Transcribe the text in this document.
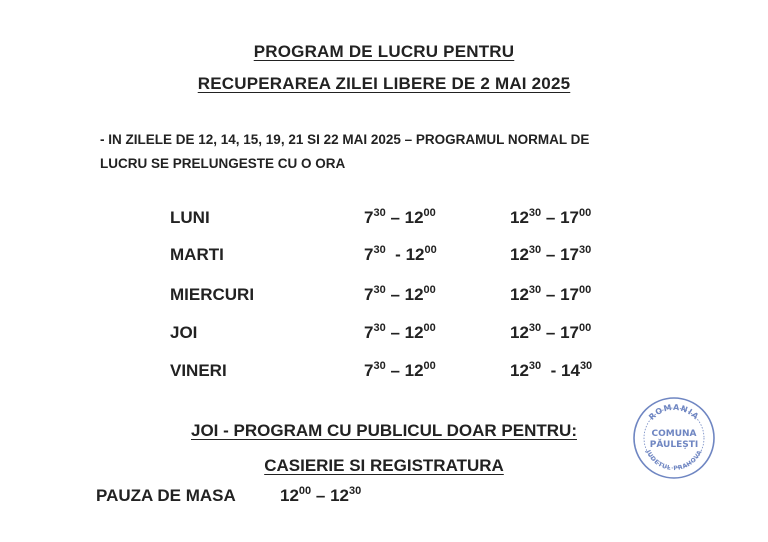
PROGRAM DE LUCRU PENTRU
RECUPERAREA ZILEI LIBERE DE 2 MAI 2025
- IN ZILELE DE 12, 14, 15, 19, 21 SI 22 MAI 2025 – PROGRAMUL NORMAL DE
LUCRU SE PRELUNGESTE CU O ORA
LUNI	$7^{30} - 12^{00}$	$12^{30} - 17^{00}$
MARTI	$7^{30} - 12^{00}$	$12^{30} - 17^{30}$
MIERCURI	$7^{30} - 12^{00}$	$12^{30} - 17^{00}$
JOI	$7^{30} - 12^{00}$	$12^{30} - 17^{00}$
VINERI	$7^{30} - 12^{00}$	$12^{30} - 14^{30}$
JOI - PROGRAM CU PUBLICUL DOAR PENTRU:
CASIERIE SI REGISTRATURA
PAUZA DE MASA	$12^{00} - 12^{30}$
ROMANIA
COMUNA
PĂULEȘTI
JUDETUL PRAHOVA
